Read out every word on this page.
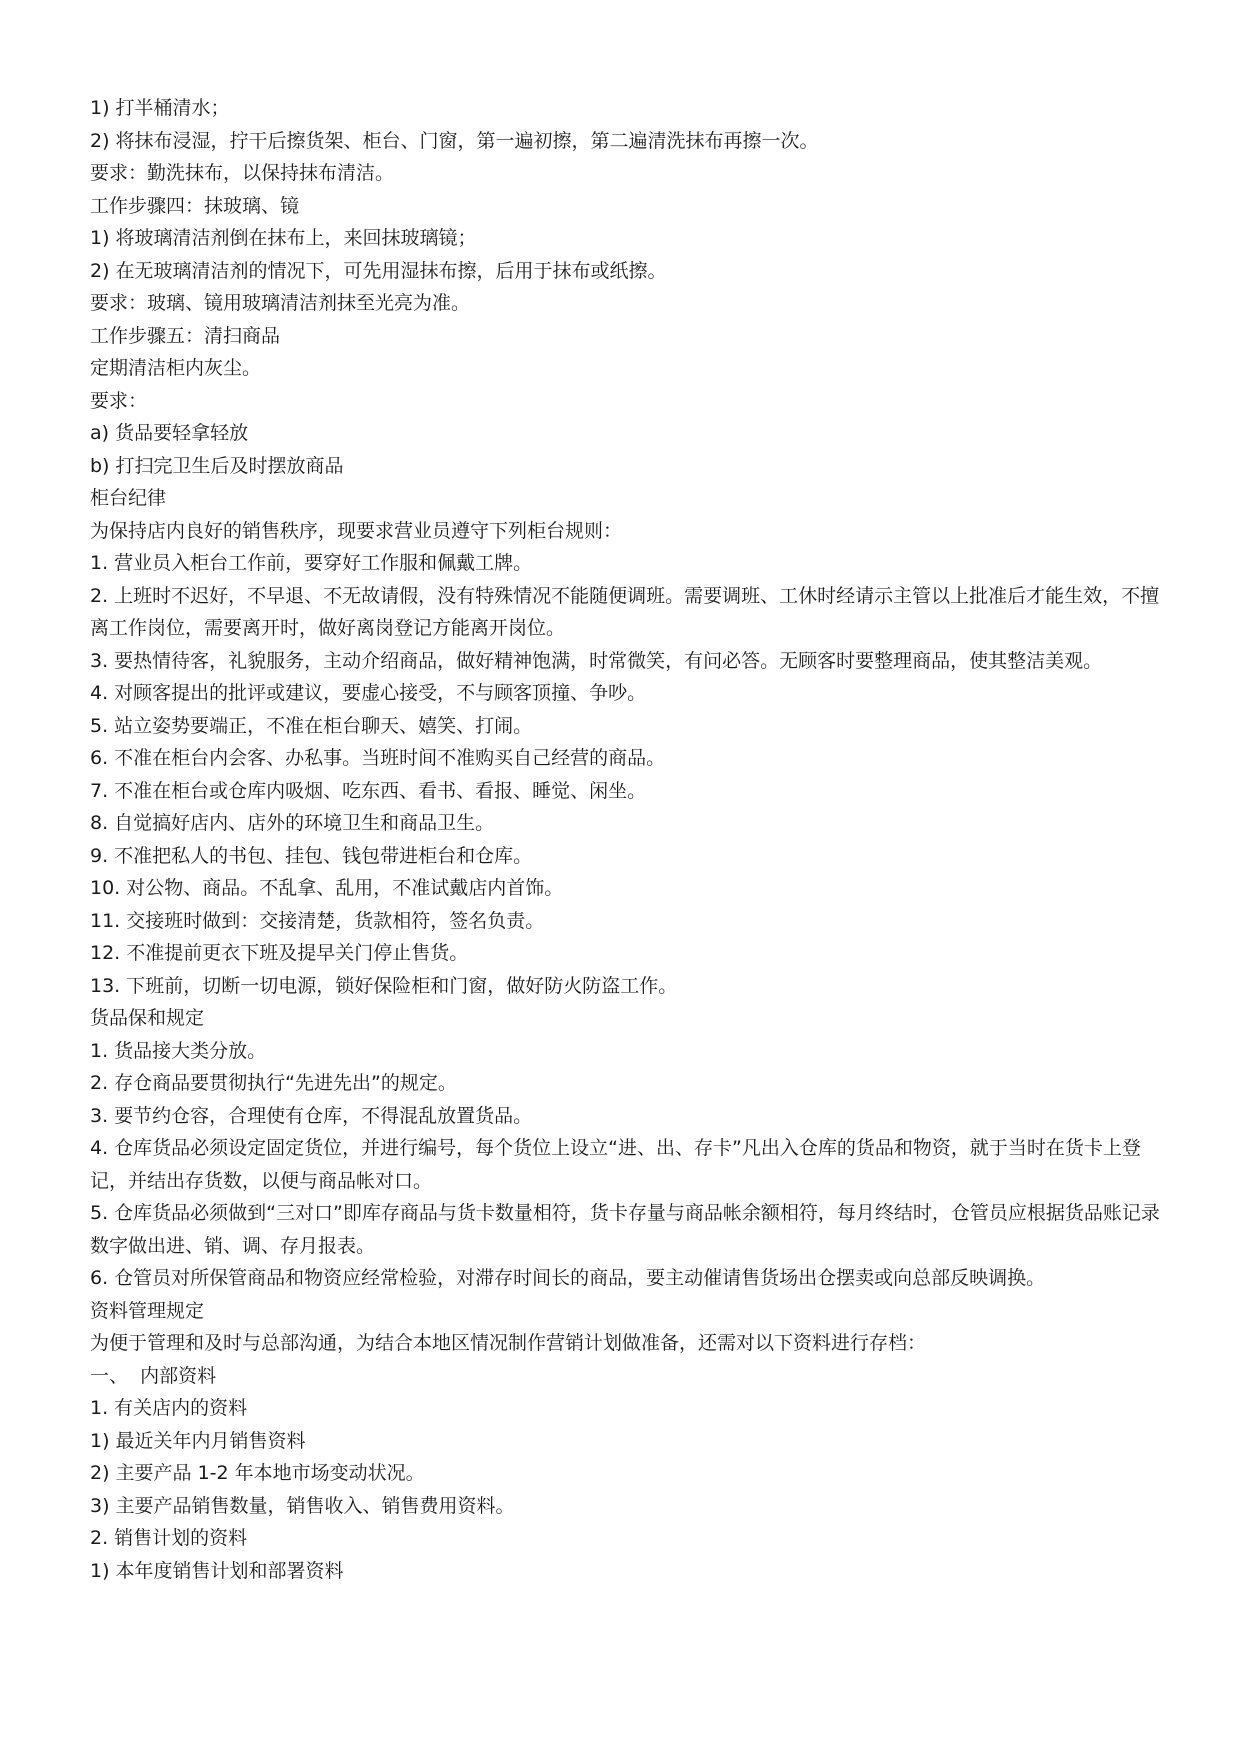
1) 打半桶清水；

2) 将抹布浸湿，拧干后擦货架、柜台、门窗，第一遍初擦，第二遍清洗抹布再擦一次。

要求：勤洗抹布，以保持抹布清洁。

工作步骤四：抹玻璃、镜

1) 将玻璃清洁剂倒在抹布上，来回抹玻璃镜；

2) 在无玻璃清洁剂的情况下，可先用湿抹布擦，后用于抹布或纸擦。

要求：玻璃、镜用玻璃清洁剂抹至光亮为准。

工作步骤五：清扫商品

定期清洁柜内灰尘。

要求：

a) 货品要轻拿轻放

b) 打扫完卫生后及时摆放商品

柜台纪律

为保持店内良好的销售秩序，现要求营业员遵守下列柜台规则：

1. 营业员入柜台工作前，要穿好工作服和佩戴工牌。

2. 上班时不迟好，不早退、不无故请假，没有特殊情况不能随便调班。需要调班、工休时经请示主管以上批准后才能生效，不擅离工作岗位，需要离开时，做好离岗登记方能离开岗位。

3. 要热情待客，礼貌服务，主动介绍商品，做好精神饱满，时常微笑，有问必答。无顾客时要整理商品，使其整洁美观。

4. 对顾客提出的批评或建议，要虚心接受，不与顾客顶撞、争吵。

5. 站立姿势要端正，不准在柜台聊天、嬉笑、打闹。

6. 不准在柜台内会客、办私事。当班时间不准购买自己经营的商品。

7. 不准在柜台或仓库内吸烟、吃东西、看书、看报、睡觉、闲坐。

8. 自觉搞好店内、店外的环境卫生和商品卫生。

9. 不准把私人的书包、挂包、钱包带进柜台和仓库。

10. 对公物、商品。不乱拿、乱用，不准试戴店内首饰。

11. 交接班时做到：交接清楚，货款相符，签名负责。

12. 不准提前更衣下班及提早关门停止售货。

13. 下班前，切断一切电源，锁好保险柜和门窗，做好防火防盗工作。

货品保和规定

1. 货品接大类分放。

2. 存仓商品要贯彻执行“先进先出”的规定。

3. 要节约仓容，合理使有仓库，不得混乱放置货品。

4. 仓库货品必须设定固定货位，并进行编号，每个货位上设立“进、出、存卡”凡出入仓库的货品和物资，就于当时在货卡上登记，并结出存货数，以便与商品帐对口。

5. 仓库货品必须做到“三对口”即库存商品与货卡数量相符，货卡存量与商品帐余额相符，每月终结时，仓管员应根据货品账记录数字做出进、销、调、存月报表。

6. 仓管员对所保管商品和物资应经常检验，对滞存时间长的商品，要主动催请售货场出仓摆卖或向总部反映调换。

资料管理规定

为便于管理和及时与总部沟通，为结合本地区情况制作营销计划做准备，还需对以下资料进行存档：

一、  内部资料

1. 有关店内的资料

1) 最近关年内月销售资料

2) 主要产品 1-2 年本地市场变动状况。

3) 主要产品销售数量，销售收入、销售费用资料。

2. 销售计划的资料

1) 本年度销售计划和部署资料
